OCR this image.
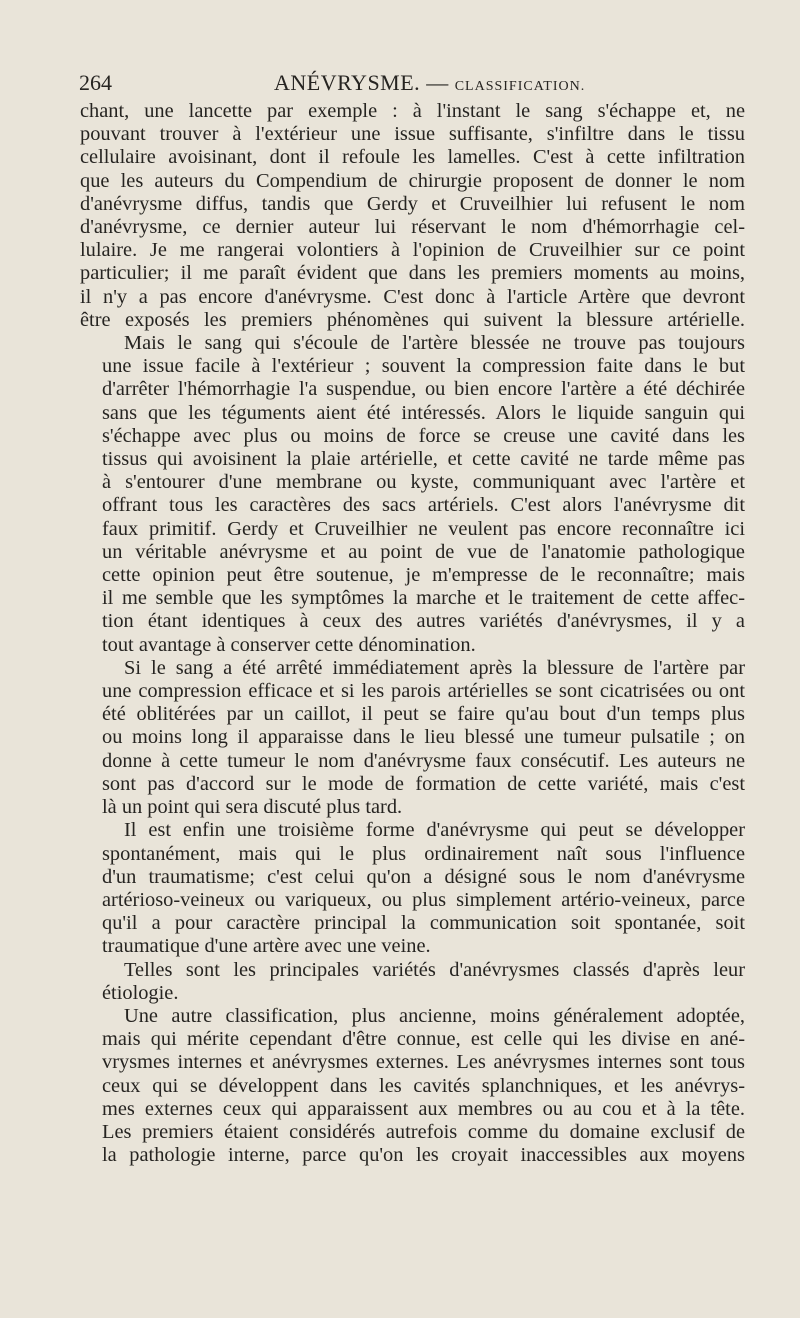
264	ANÉVRYSME. — CLASSIFICATION.

chant, une lancette par exemple : à l'instant le sang s'échappe et, ne
pouvant trouver à l'extérieur une issue suffisante, s'infiltre dans le tissu
cellulaire avoisinant, dont il refoule les lamelles. C'est à cette infiltration
que les auteurs du Compendium de chirurgie proposent de donner le nom
d'anévrysme diffus, tandis que Gerdy et Cruveilhier lui refusent le nom
d'anévrysme, ce dernier auteur lui réservant le nom d'hémorrhagie cel-
lulaire. Je me rangerai volontiers à l'opinion de Cruveilhier sur ce point
particulier; il me paraît évident que dans les premiers moments au moins,
il n'y a pas encore d'anévrysme. C'est donc à l'article Artère que devront
être exposés les premiers phénomènes qui suivent la blessure artérielle.

Mais le sang qui s'écoule de l'artère blessée ne trouve pas toujours
une issue facile à l'extérieur ; souvent la compression faite dans le but
d'arrêter l'hémorrhagie l'a suspendue, ou bien encore l'artère a été déchirée
sans que les téguments aient été intéressés. Alors le liquide sanguin qui
s'échappe avec plus ou moins de force se creuse une cavité dans les
tissus qui avoisinent la plaie artérielle, et cette cavité ne tarde même pas
à s'entourer d'une membrane ou kyste, communiquant avec l'artère et
offrant tous les caractères des sacs artériels. C'est alors l'anévrysme dit
faux primitif. Gerdy et Cruveilhier ne veulent pas encore reconnaître ici
un véritable anévrysme et au point de vue de l'anatomie pathologique
cette opinion peut être soutenue, je m'empresse de le reconnaître; mais
il me semble que les symptômes la marche et le traitement de cette affec-
tion étant identiques à ceux des autres variétés d'anévrysmes, il y a
tout avantage à conserver cette dénomination.

Si le sang a été arrêté immédiatement après la blessure de l'artère par
une compression efficace et si les parois artérielles se sont cicatrisées ou ont
été oblitérées par un caillot, il peut se faire qu'au bout d'un temps plus
ou moins long il apparaisse dans le lieu blessé une tumeur pulsatile ; on
donne à cette tumeur le nom d'anévrysme faux consécutif. Les auteurs ne
sont pas d'accord sur le mode de formation de cette variété, mais c'est
là un point qui sera discuté plus tard.

Il est enfin une troisième forme d'anévrysme qui peut se développer
spontanément, mais qui le plus ordinairement naît sous l'influence
d'un traumatisme; c'est celui qu'on a désigné sous le nom d'anévrysme
artérioso-veineux ou variqueux, ou plus simplement artério-veineux, parce
qu'il a pour caractère principal la communication soit spontanée, soit
traumatique d'une artère avec une veine.

Telles sont les principales variétés d'anévrysmes classés d'après leur
étiologie.

Une autre classification, plus ancienne, moins généralement adoptée,
mais qui mérite cependant d'être connue, est celle qui les divise en ané-
vrysmes internes et anévrysmes externes. Les anévrysmes internes sont tous
ceux qui se développent dans les cavités splanchniques, et les anévrys-
mes externes ceux qui apparaissent aux membres ou au cou et à la tête.
Les premiers étaient considérés autrefois comme du domaine exclusif de
la pathologie interne, parce qu'on les croyait inaccessibles aux moyens
